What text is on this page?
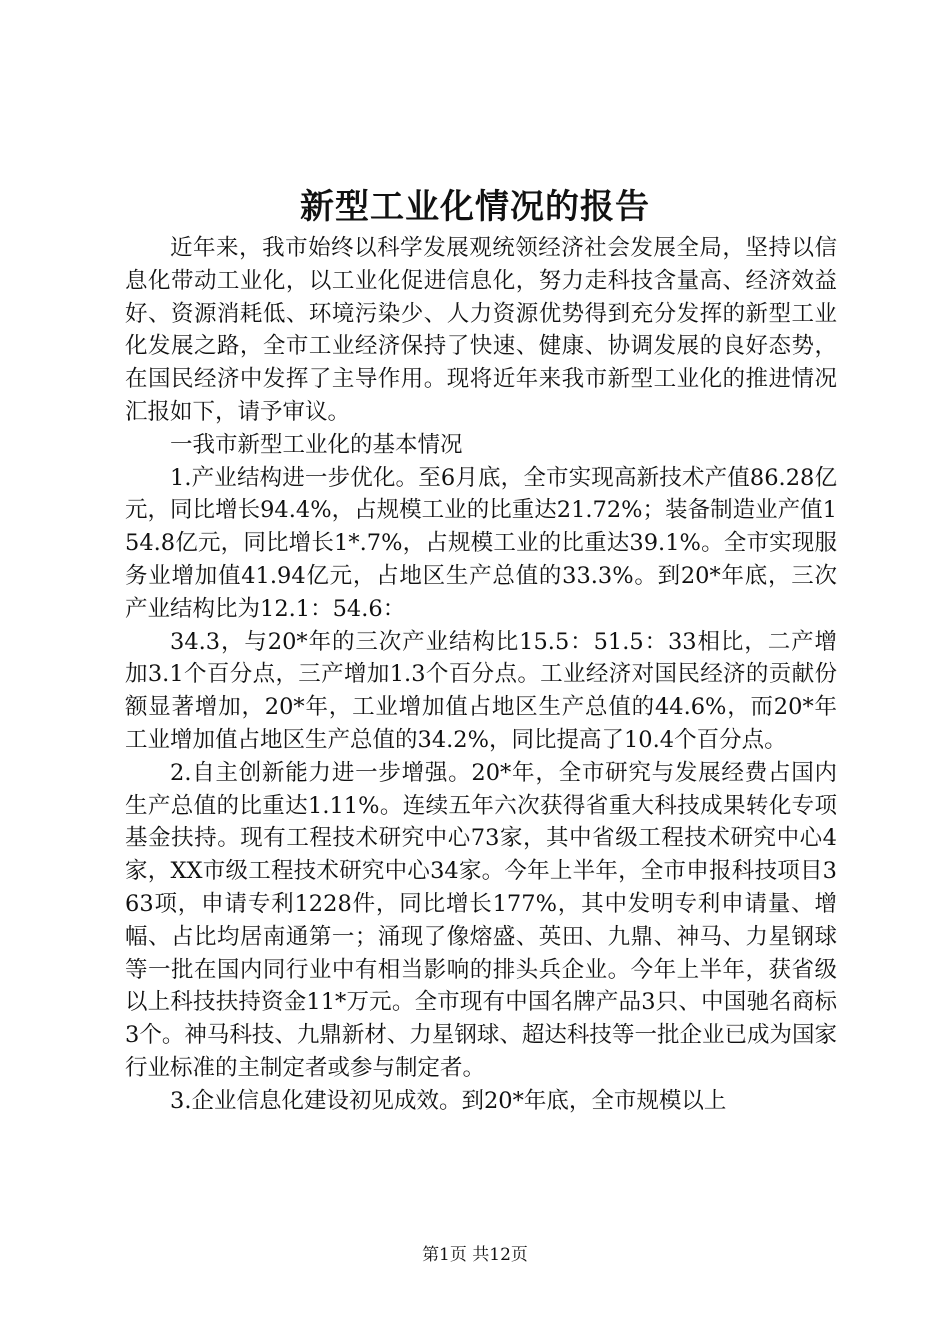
新型工业化情况的报告

近年来，我市始终以科学发展观统领经济社会发展全局，坚持以信息化带动工业化，以工业化促进信息化，努力走科技含量高、经济效益好、资源消耗低、环境污染少、人力资源优势得到充分发挥的新型工业化发展之路，全市工业经济保持了快速、健康、协调发展的良好态势，在国民经济中发挥了主导作用。现将近年来我市新型工业化的推进情况汇报如下，请予审议。

一我市新型工业化的基本情况

1.产业结构进一步优化。至6月底，全市实现高新技术产值86.28亿元，同比增长94.4%，占规模工业的比重达21.72%；装备制造业产值154.8亿元，同比增长1*.7%，占规模工业的比重达39.1%。全市实现服务业增加值41.94亿元，占地区生产总值的33.3%。到20*年底，三次产业结构比为12.1：54.6：

34.3，与20*年的三次产业结构比15.5：51.5：33相比，二产增加3.1个百分点，三产增加1.3个百分点。工业经济对国民经济的贡献份额显著增加，20*年，工业增加值占地区生产总值的44.6%，而20*年工业增加值占地区生产总值的34.2%，同比提高了10.4个百分点。

2.自主创新能力进一步增强。20*年，全市研究与发展经费占国内生产总值的比重达1.11%。连续五年六次获得省重大科技成果转化专项基金扶持。现有工程技术研究中心73家，其中省级工程技术研究中心4家，XX市级工程技术研究中心34家。今年上半年，全市申报科技项目363项，申请专利1228件，同比增长177%，其中发明专利申请量、增幅、占比均居南通第一；涌现了像熔盛、英田、九鼎、神马、力星钢球等一批在国内同行业中有相当影响的排头兵企业。今年上半年，获省级以上科技扶持资金11*万元。全市现有中国名牌产品3只、中国驰名商标3个。神马科技、九鼎新材、力星钢球、超达科技等一批企业已成为国家行业标准的主制定者或参与制定者。

3.企业信息化建设初见成效。到20*年底，全市规模以上

第1页 共12页
